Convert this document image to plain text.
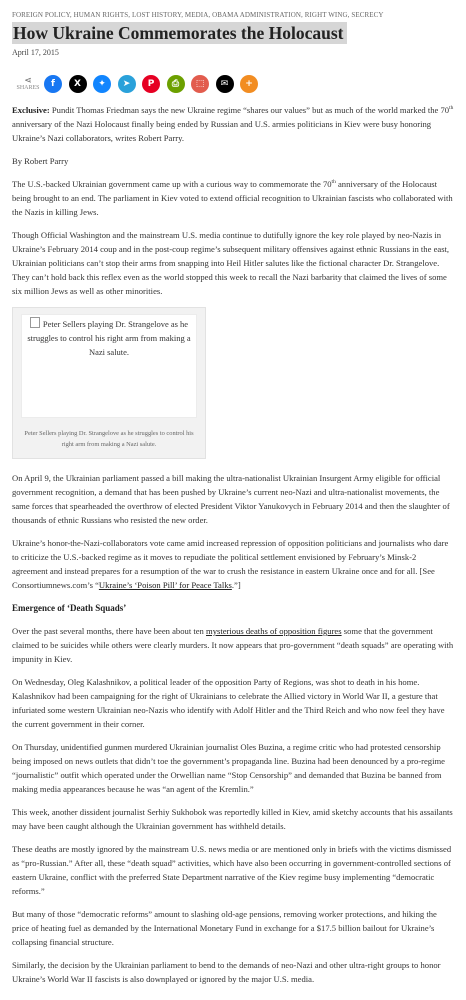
FOREIGN POLICY, HUMAN RIGHTS, LOST HISTORY, MEDIA, OBAMA ADMINISTRATION, RIGHT WING, SECRECY
How Ukraine Commemorates the Holocaust
April 17, 2015
⋖
SHARES	f X ✦ ➤ P ⎙ ⬚ ✉ +

Exclusive: Pundit Thomas Friedman says the new Ukraine regime “shares our values” but as much of the world marked the 70th anniversary of the Nazi Holocaust finally being ended by Russian and U.S. armies politicians in Kiev were busy honoring Ukraine’s Nazi collaborators, writes Robert Parry.

By Robert Parry

The U.S.-backed Ukrainian government came up with a curious way to commemorate the 70th anniversary of the Holocaust being brought to an end. The parliament in Kiev voted to extend official recognition to Ukrainian fascists who collaborated with the Nazis in killing Jews.

Though Official Washington and the mainstream U.S. media continue to dutifully ignore the key role played by neo-Nazis in Ukraine’s February 2014 coup and in the post-coup regime’s subsequent military offensives against ethnic Russians in the east, Ukrainian politicians can’t stop their arms from snapping into Heil Hitler salutes like the fictional character Dr. Strangelove. They can’t hold back this reflex even as the world stopped this week to recall the Nazi barbarity that claimed the lives of some six million Jews as well as other minorities.

Peter Sellers playing Dr. Strangelove as he struggles to control his right arm from making a Nazi salute.
Peter Sellers playing Dr. Strangelove as he struggles to control his right arm from making a Nazi salute.

On April 9, the Ukrainian parliament passed a bill making the ultra-nationalist Ukrainian Insurgent Army eligible for official government recognition, a demand that has been pushed by Ukraine’s current neo-Nazi and ultra-nationalist movements, the same forces that spearheaded the overthrow of elected President Viktor Yanukovych in February 2014 and then the slaughter of thousands of ethnic Russians who resisted the new order.

Ukraine’s honor-the-Nazi-collaborators vote came amid increased repression of opposition politicians and journalists who dare to criticize the U.S.-backed regime as it moves to repudiate the political settlement envisioned by February’s Minsk-2 agreement and instead prepares for a resumption of the war to crush the resistance in eastern Ukraine once and for all. [See Consortiumnews.com’s “Ukraine’s ‘Poison Pill’ for Peace Talks.”]

Emergence of ‘Death Squads’

Over the past several months, there have been about ten mysterious deaths of opposition figures some that the government claimed to be suicides while others were clearly murders. It now appears that pro-government “death squads” are operating with impunity in Kiev.

On Wednesday, Oleg Kalashnikov, a political leader of the opposition Party of Regions, was shot to death in his home. Kalashnikov had been campaigning for the right of Ukrainians to celebrate the Allied victory in World War II, a gesture that infuriated some western Ukrainian neo-Nazis who identify with Adolf Hitler and the Third Reich and who now feel they have the current government in their corner.

On Thursday, unidentified gunmen murdered Ukrainian journalist Oles Buzina, a regime critic who had protested censorship being imposed on news outlets that didn’t toe the government’s propaganda line. Buzina had been denounced by a pro-regime “journalistic” outfit which operated under the Orwellian name “Stop Censorship” and demanded that Buzina be banned from making media appearances because he was “an agent of the Kremlin.”

This week, another dissident journalist Serhiy Sukhobok was reportedly killed in Kiev, amid sketchy accounts that his assailants may have been caught although the Ukrainian government has withheld details.

These deaths are mostly ignored by the mainstream U.S. news media or are mentioned only in briefs with the victims dismissed as “pro-Russian.” After all, these “death squad” activities, which have also been occurring in government-controlled sections of eastern Ukraine, conflict with the preferred State Department narrative of the Kiev regime busy implementing “democratic reforms.”

But many of those “democratic reforms” amount to slashing old-age pensions, removing worker protections, and hiking the price of heating fuel as demanded by the International Monetary Fund in exchange for a $17.5 billion bailout for Ukraine’s collapsing financial structure.

Similarly, the decision by the Ukrainian parliament to bend to the demands of neo-Nazi and other ultra-right groups to honor Ukraine’s World War II fascists is also downplayed or ignored by the major U.S. media.
